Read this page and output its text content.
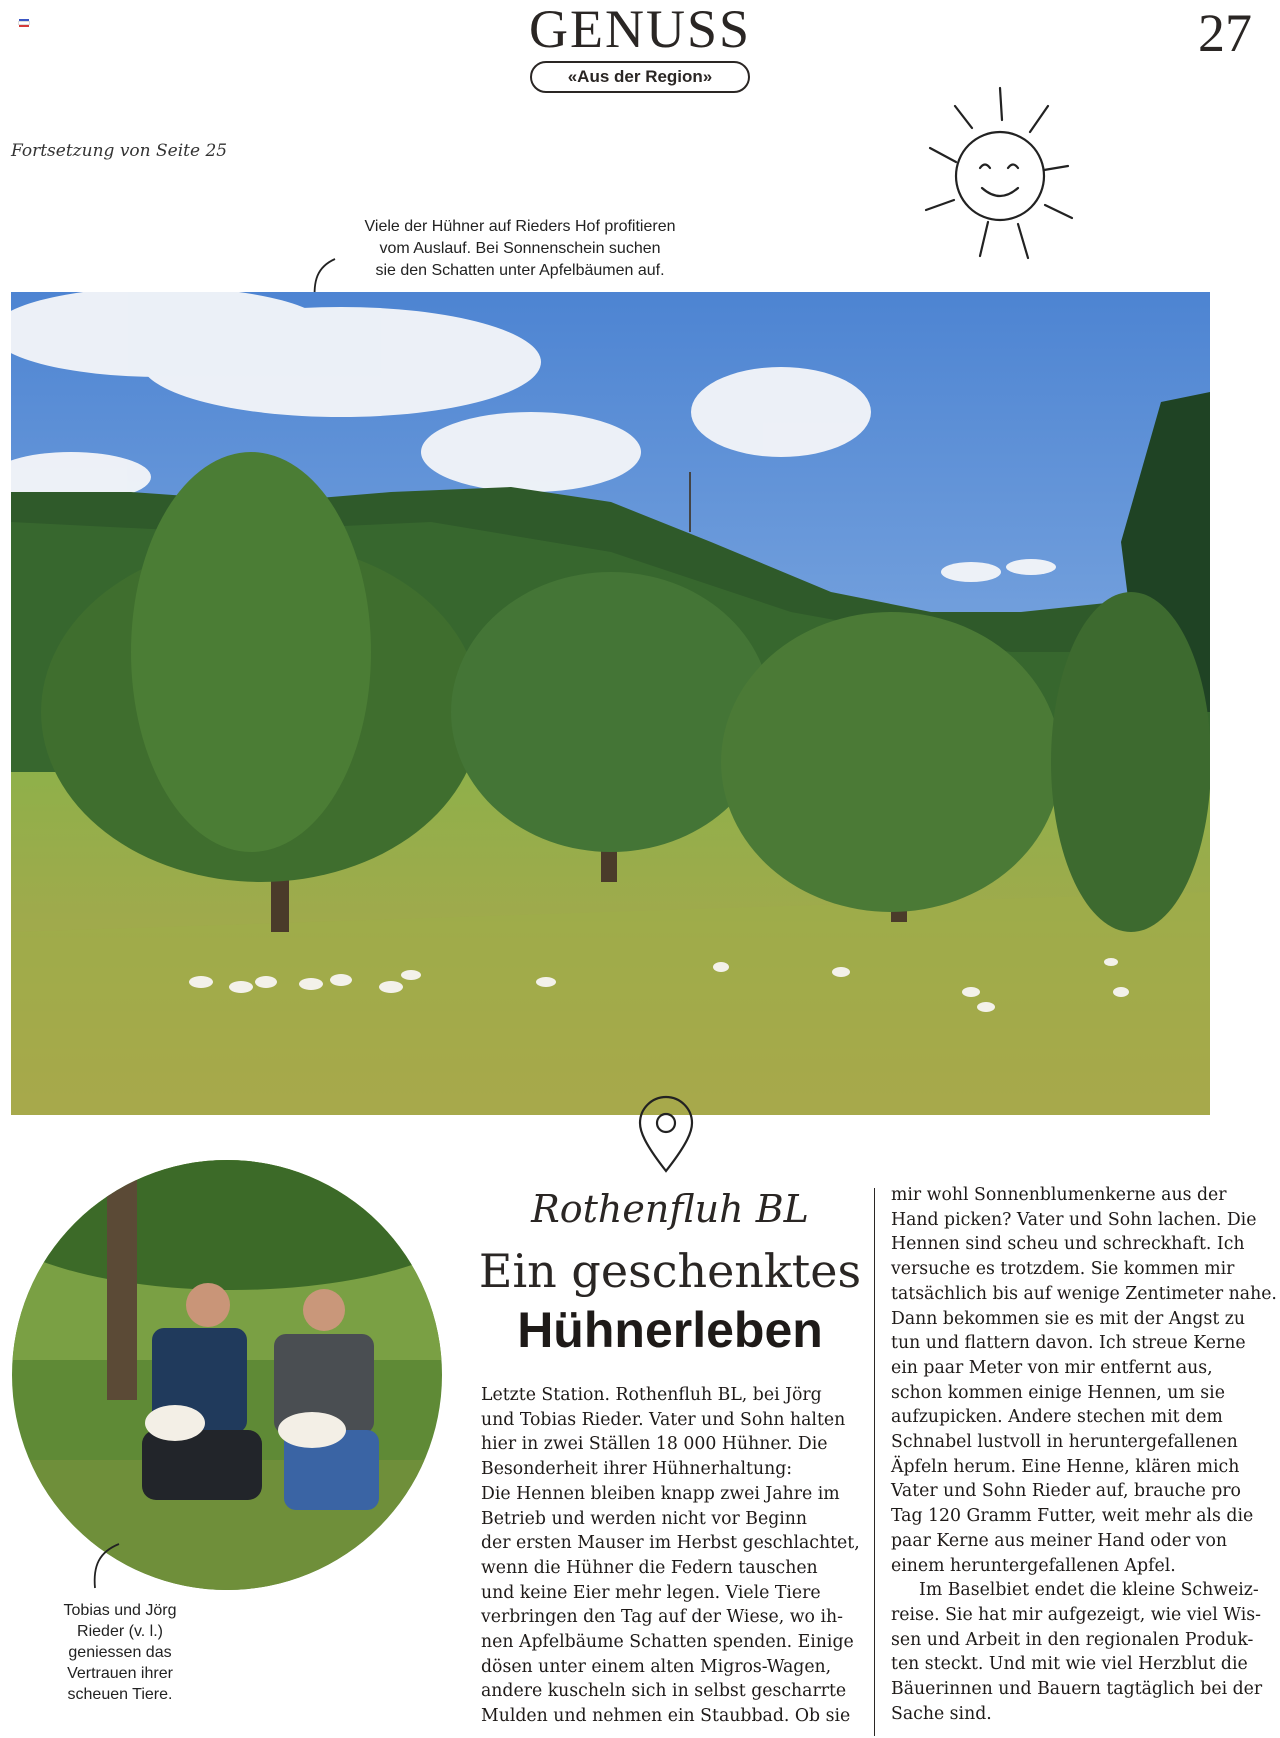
GENUSS
«Aus der Region»
27
Fortsetzung von Seite 25
Viele der Hühner auf Rieders Hof profitieren
vom Auslauf. Bei Sonnenschein suchen
sie den Schatten unter Apfelbäumen auf.
Tobias und Jörg
Rieder (v. l.)
geniessen das
Vertrauen ihrer
scheuen Tiere.
Rothenfluh BL
Ein geschenktes
Hühnerleben
Letzte Station. Rothenfluh BL, bei Jörg
und Tobias Rieder. Vater und Sohn halten
hier in zwei Ställen 18 000 Hühner. Die
Besonderheit ihrer Hühnerhaltung:
Die Hennen bleiben knapp zwei Jahre im
Betrieb und werden nicht vor Beginn
der ersten Mauser im Herbst geschlachtet,
wenn die Hühner die Federn tauschen
und keine Eier mehr legen. Viele Tiere
verbringen den Tag auf der Wiese, wo ih-
nen Apfelbäume Schatten spenden. Einige
dösen unter einem alten Migros-Wagen,
andere kuscheln sich in selbst gescharrte
Mulden und nehmen ein Staubbad. Ob sie
mir wohl Sonnenblumenkerne aus der
Hand picken? Vater und Sohn lachen. Die
Hennen sind scheu und schreckhaft. Ich
versuche es trotzdem. Sie kommen mir
tatsächlich bis auf wenige Zentimeter nahe.
Dann bekommen sie es mit der Angst zu
tun und flattern davon. Ich streue Kerne
ein paar Meter von mir entfernt aus,
schon kommen einige Hennen, um sie
aufzupicken. Andere stechen mit dem
Schnabel lustvoll in heruntergefallenen
Äpfeln herum. Eine Henne, klären mich
Vater und Sohn Rieder auf, brauche pro
Tag 120 Gramm Futter, weit mehr als die
paar Kerne aus meiner Hand oder von
einem heruntergefallenen Apfel.
Im Baselbiet endet die kleine Schweiz-
reise. Sie hat mir aufgezeigt, wie viel Wis-
sen und Arbeit in den regionalen Produk-
ten steckt. Und mit wie viel Herzblut die
Bäuerinnen und Bauern tagtäglich bei der
Sache sind.
